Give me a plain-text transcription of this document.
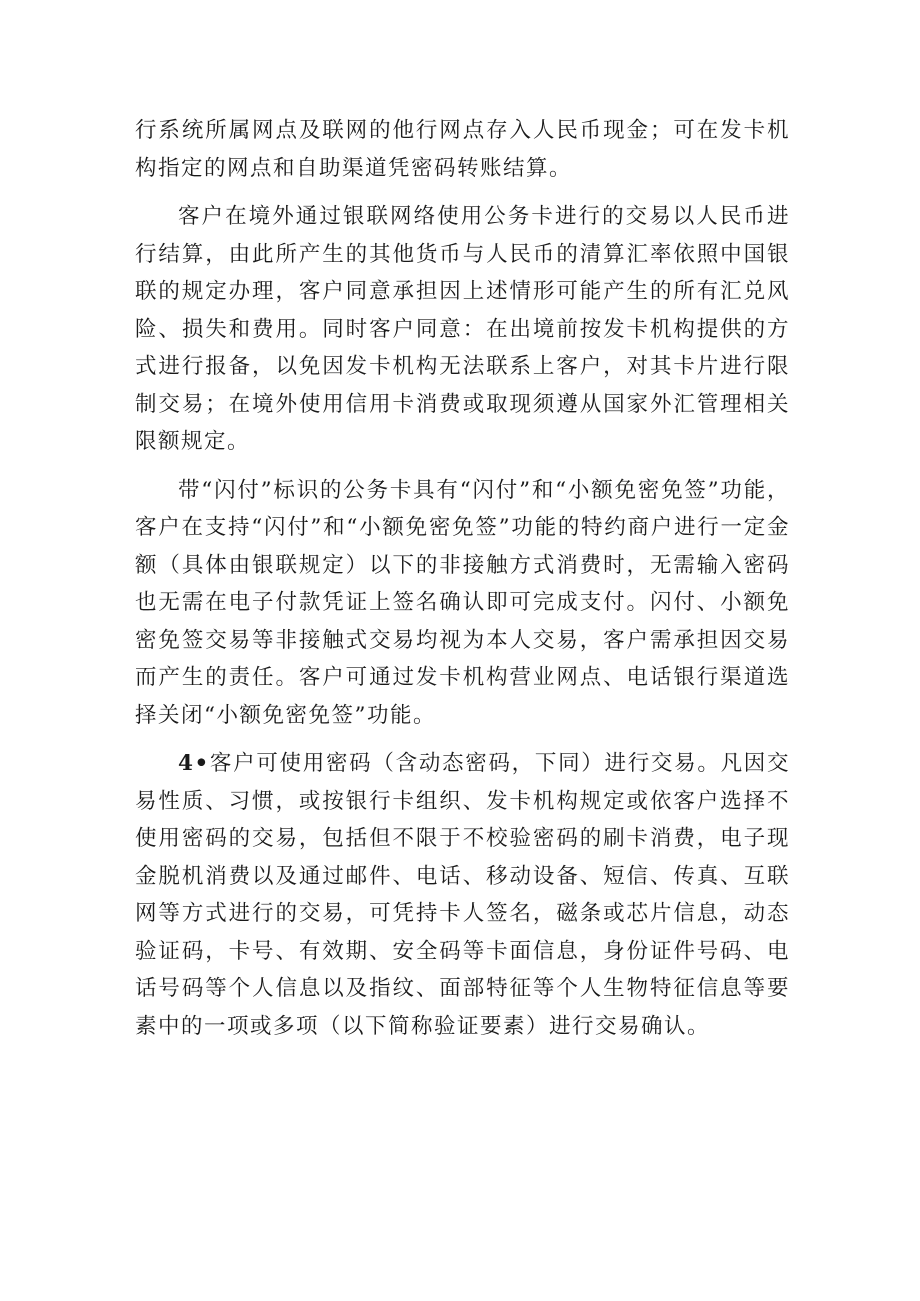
行系统所属网点及联网的他行网点存入人民币现金；可在发卡机构指定的网点和自助渠道凭密码转账结算。

客户在境外通过银联网络使用公务卡进行的交易以人民币进行结算，由此所产生的其他货币与人民币的清算汇率依照中国银联的规定办理，客户同意承担因上述情形可能产生的所有汇兑风险、损失和费用。同时客户同意：在出境前按发卡机构提供的方式进行报备，以免因发卡机构无法联系上客户，对其卡片进行限制交易；在境外使用信用卡消费或取现须遵从国家外汇管理相关限额规定。

带“闪付”标识的公务卡具有“闪付”和“小额免密免签”功能，客户在支持“闪付”和“小额免密免签”功能的特约商户进行一定金额（具体由银联规定）以下的非接触方式消费时，无需输入密码也无需在电子付款凭证上签名确认即可完成支付。闪付、小额免密免签交易等非接触式交易均视为本人交易，客户需承担因交易而产生的责任。客户可通过发卡机构营业网点、电话银行渠道选择关闭“小额免密免签”功能。

4•客户可使用密码（含动态密码，下同）进行交易。凡因交易性质、习惯，或按银行卡组织、发卡机构规定或依客户选择不使用密码的交易，包括但不限于不校验密码的刷卡消费，电子现金脱机消费以及通过邮件、电话、移动设备、短信、传真、互联网等方式进行的交易，可凭持卡人签名，磁条或芯片信息，动态验证码，卡号、有效期、安全码等卡面信息，身份证件号码、电话号码等个人信息以及指纹、面部特征等个人生物特征信息等要素中的一项或多项（以下简称验证要素）进行交易确认。
